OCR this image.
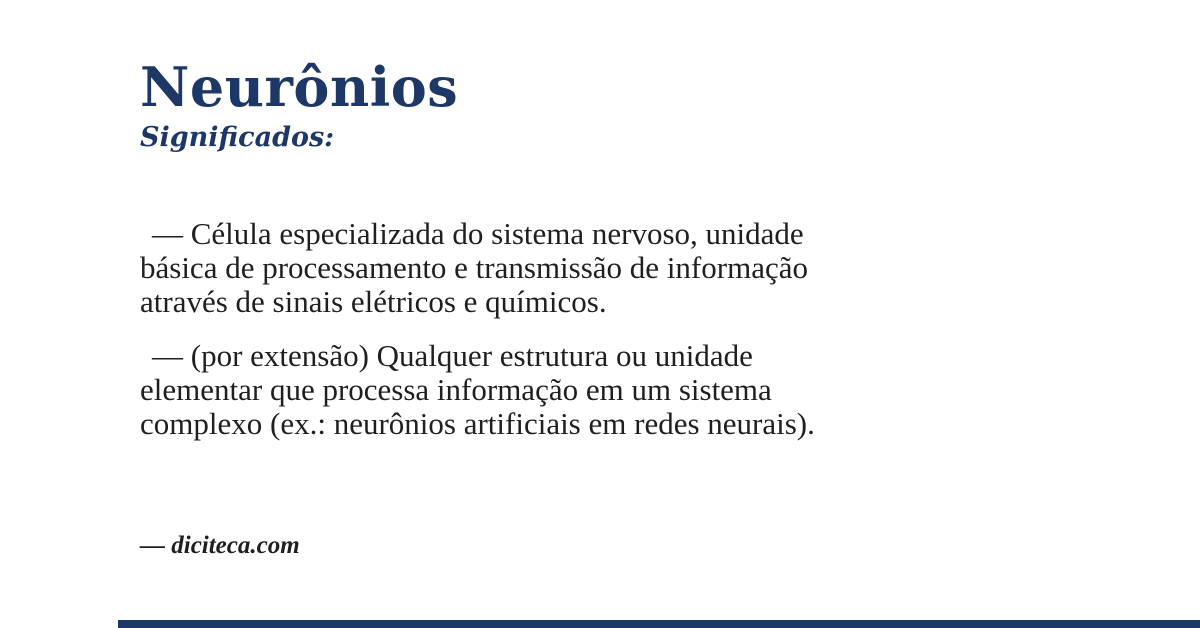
Neurônios
Significados:

— Célula especializada do sistema nervoso, unidade
básica de processamento e transmissão de informação
através de sinais elétricos e químicos.

— (por extensão) Qualquer estrutura ou unidade
elementar que processa informação em um sistema
complexo (ex.: neurônios artificiais em redes neurais).

— diciteca.com
